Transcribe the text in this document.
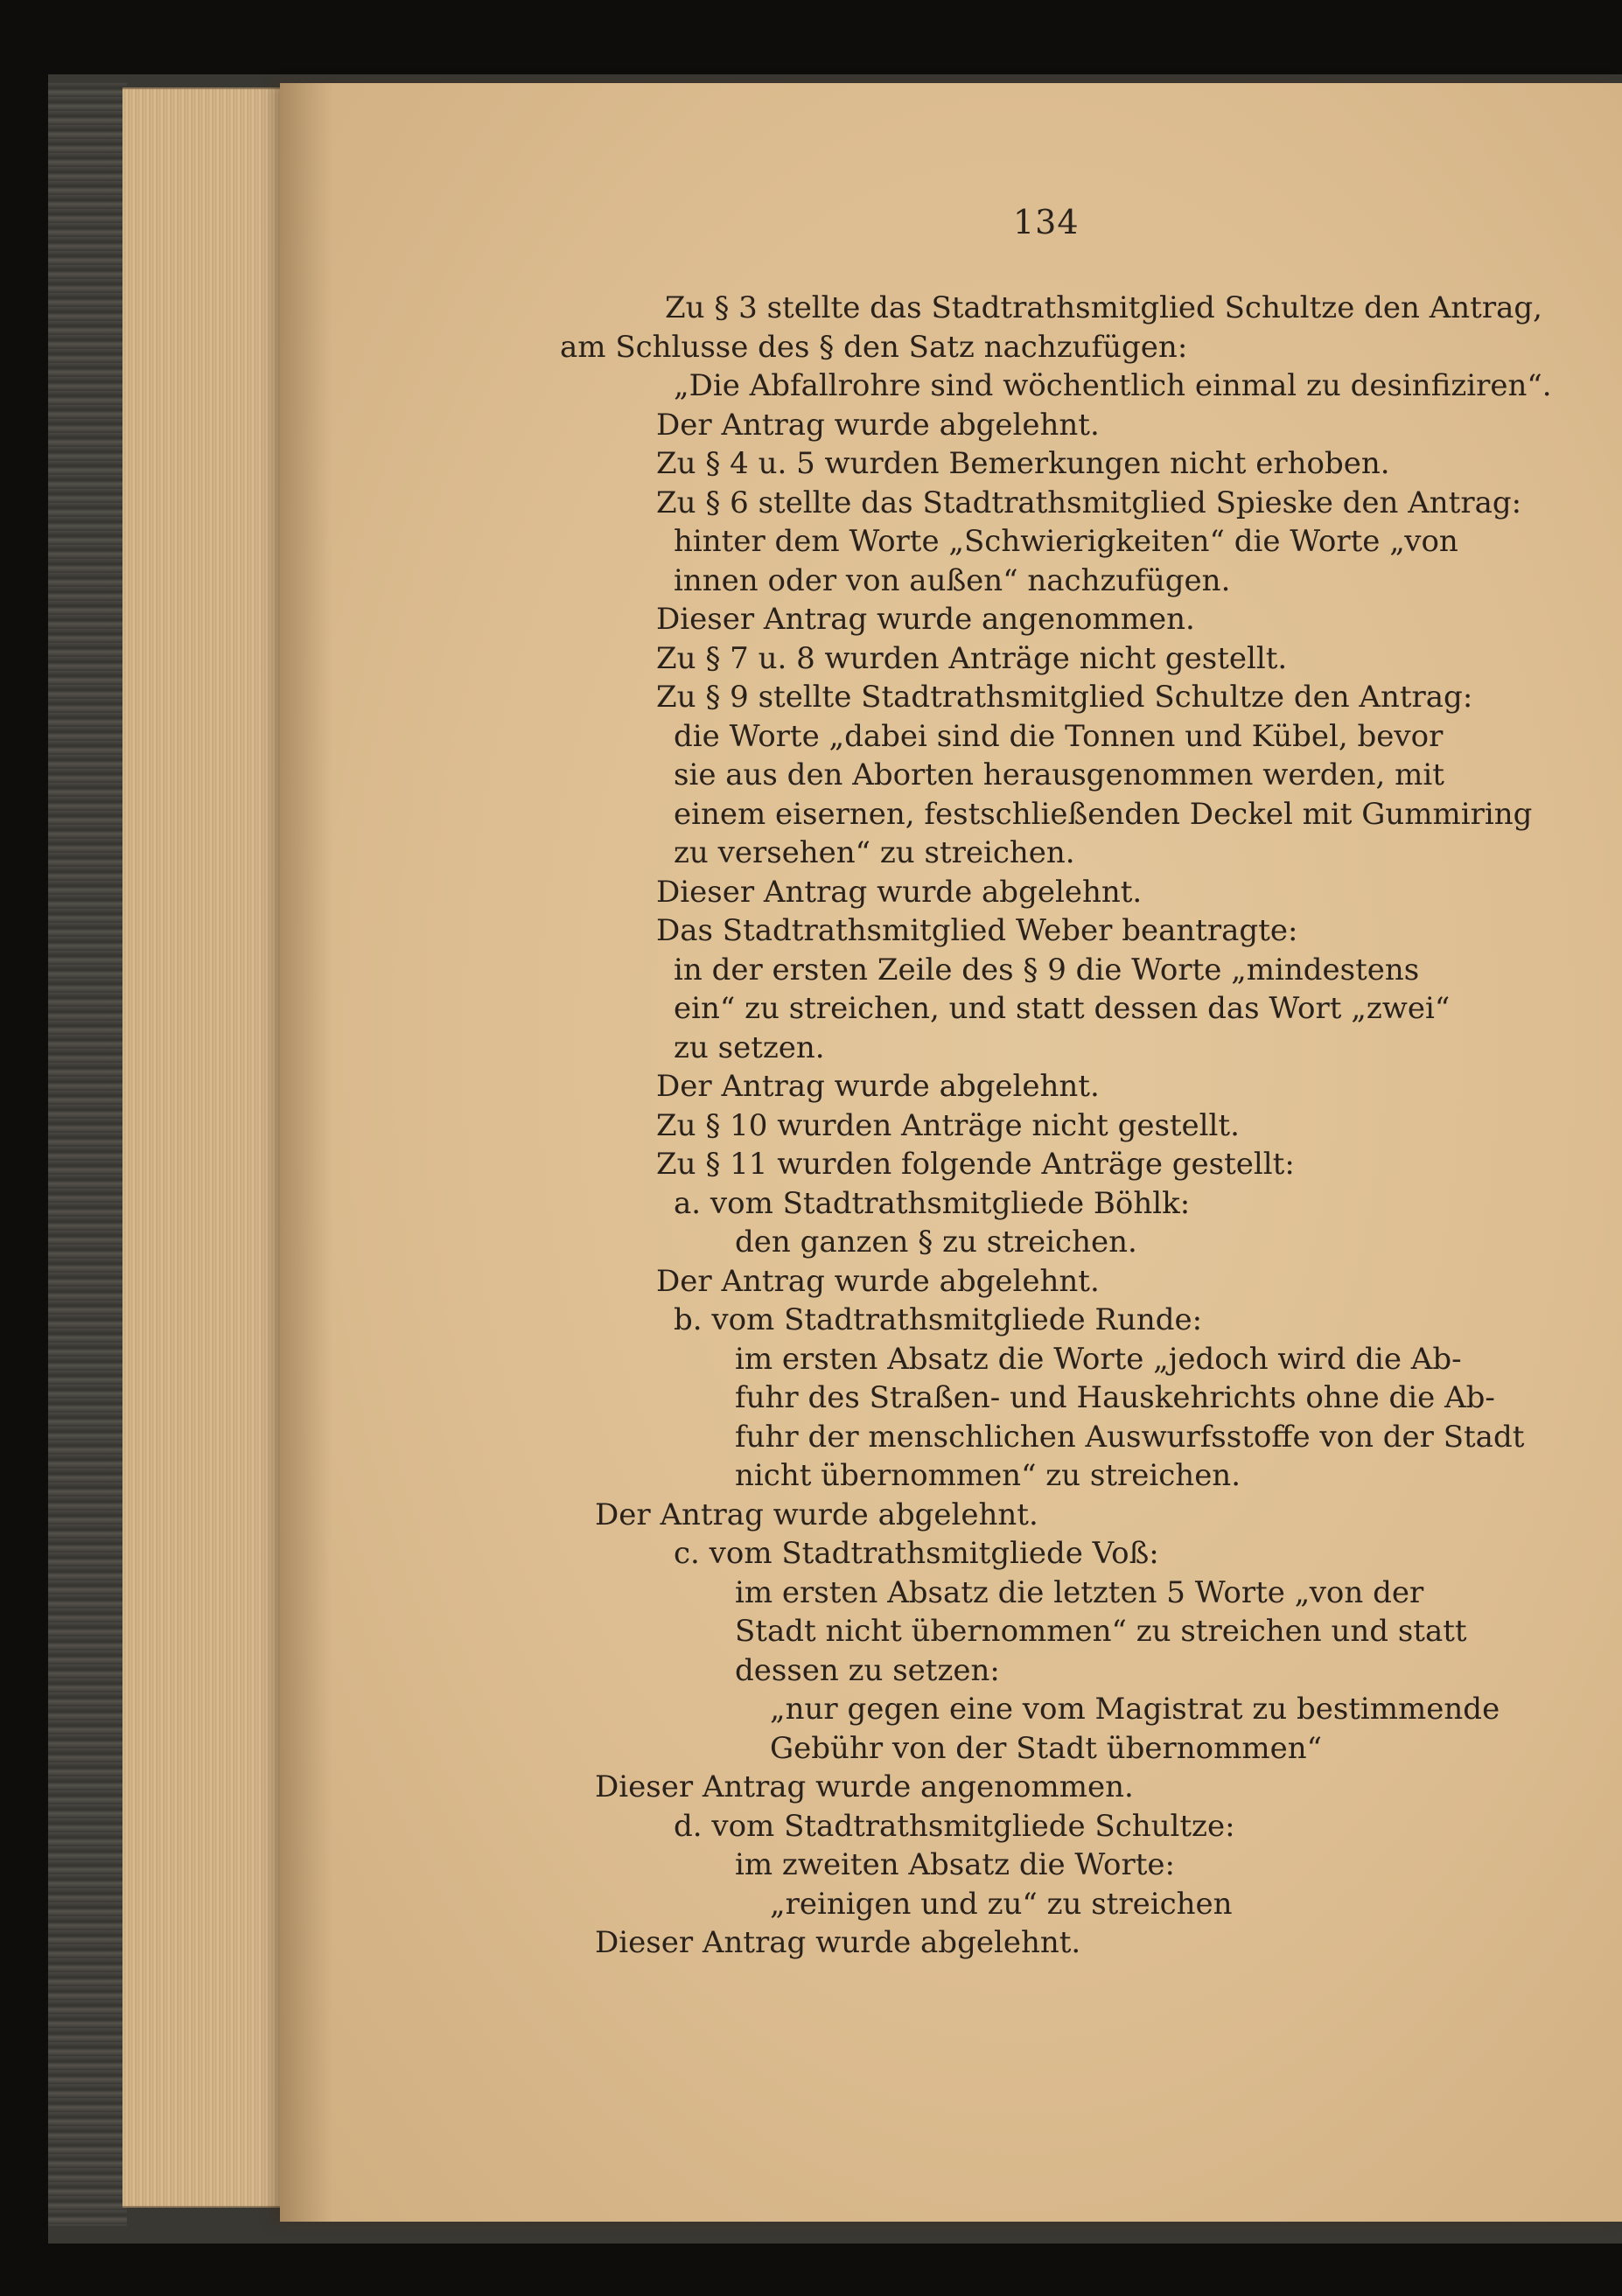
134
Zu § 3 stellte das Stadtrathsmitglied Schultze den Antrag,
am Schlusse des § den Satz nachzufügen:
„Die Abfallrohre sind wöchentlich einmal zu desinfiziren“.
Der Antrag wurde abgelehnt.
Zu § 4 u. 5 wurden Bemerkungen nicht erhoben.
Zu § 6 stellte das Stadtrathsmitglied Spieske den Antrag:
hinter dem Worte „Schwierigkeiten“ die Worte „von
innen oder von außen“ nachzufügen.
Dieser Antrag wurde angenommen.
Zu § 7 u. 8 wurden Anträge nicht gestellt.
Zu § 9 stellte Stadtrathsmitglied Schultze den Antrag:
die Worte „dabei sind die Tonnen und Kübel, bevor
sie aus den Aborten herausgenommen werden, mit
einem eisernen, festschließenden Deckel mit Gummiring
zu versehen“ zu streichen.
Dieser Antrag wurde abgelehnt.
Das Stadtrathsmitglied Weber beantragte:
in der ersten Zeile des § 9 die Worte „mindestens
ein“ zu streichen, und statt dessen das Wort „zwei“
zu setzen.
Der Antrag wurde abgelehnt.
Zu § 10 wurden Anträge nicht gestellt.
Zu § 11 wurden folgende Anträge gestellt:
a. vom Stadtrathsmitgliede Böhlk:
den ganzen § zu streichen.
Der Antrag wurde abgelehnt.
b. vom Stadtrathsmitgliede Runde:
im ersten Absatz die Worte „jedoch wird die Ab-
fuhr des Straßen- und Hauskehrichts ohne die Ab-
fuhr der menschlichen Auswurfsstoffe von der Stadt
nicht übernommen“ zu streichen.
Der Antrag wurde abgelehnt.
c. vom Stadtrathsmitgliede Voß:
im ersten Absatz die letzten 5 Worte „von der
Stadt nicht übernommen“ zu streichen und statt
dessen zu setzen:
„nur gegen eine vom Magistrat zu bestimmende
Gebühr von der Stadt übernommen“
Dieser Antrag wurde angenommen.
d. vom Stadtrathsmitgliede Schultze:
im zweiten Absatz die Worte:
„reinigen und zu“ zu streichen
Dieser Antrag wurde abgelehnt.
